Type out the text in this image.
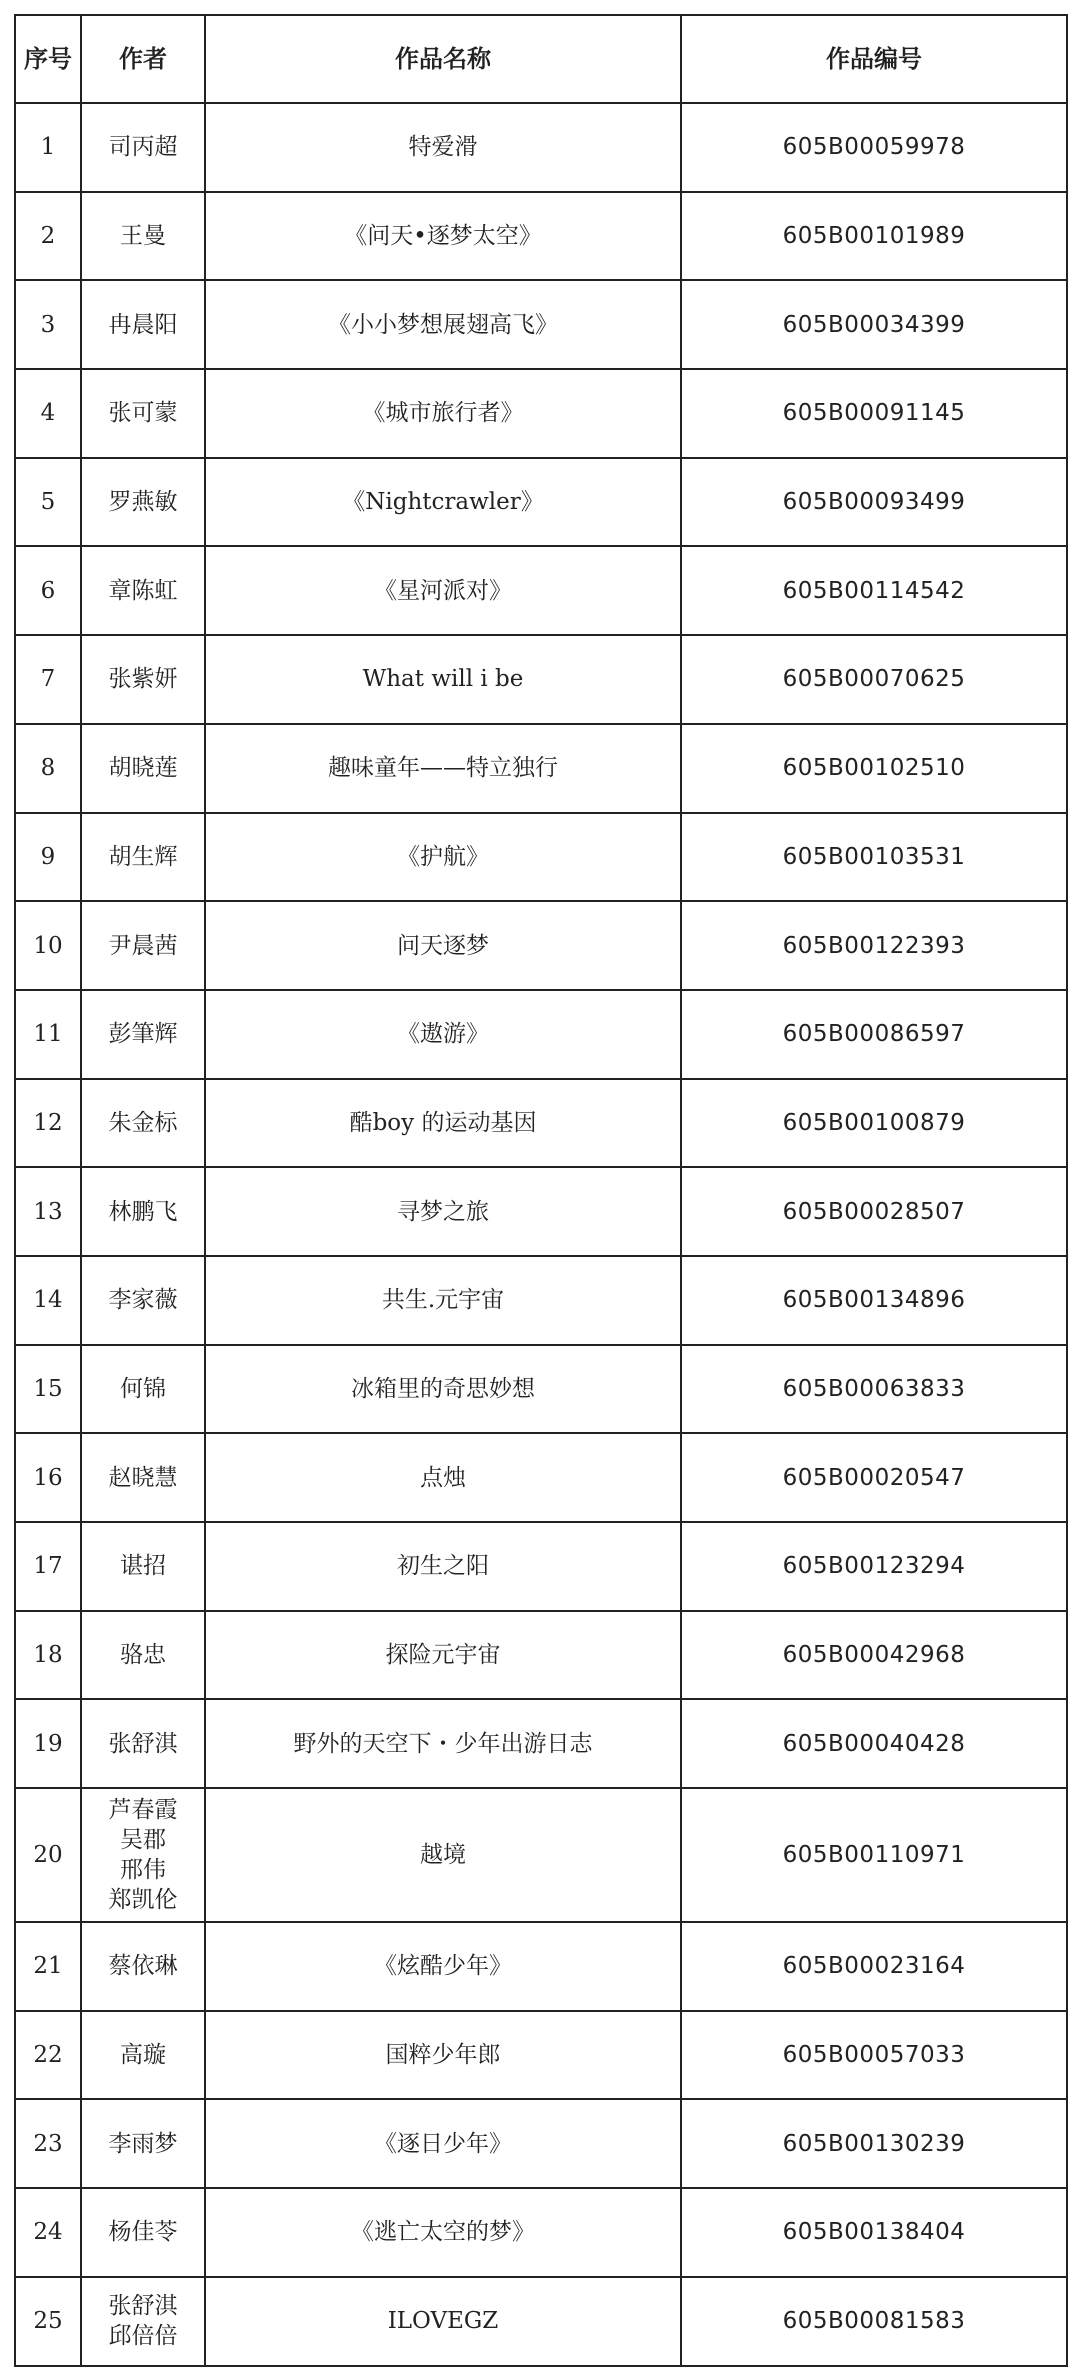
序号	作者	作品名称	作品编号
1	司丙超	特爱滑	605B00059978
2	王曼	《问天•逐梦太空》	605B00101989
3	冉晨阳	《小小梦想展翅高飞》	605B00034399
4	张可蒙	《城市旅行者》	605B00091145
5	罗燕敏	《Nightcrawler》	605B00093499
6	章陈虹	《星河派对》	605B00114542
7	张紫妍	What will i be	605B00070625
8	胡晓莲	趣味童年——特立独行	605B00102510
9	胡生辉	《护航》	605B00103531
10	尹晨茜	问天逐梦	605B00122393
11	彭筆辉	《遨游》	605B00086597
12	朱金标	酷boy 的运动基因	605B00100879
13	林鹏飞	寻梦之旅	605B00028507
14	李家薇	共生.元宇宙	605B00134896
15	何锦	冰箱里的奇思妙想	605B00063833
16	赵晓慧	点烛	605B00020547
17	谌招	初生之阳	605B00123294
18	骆忠	探险元宇宙	605B00042968
19	张舒淇	野外的天空下・少年出游日志	605B00040428
20	芦春霞
吴郡
邢伟
郑凯伦	越境	605B00110971
21	蔡依琳	《炫酷少年》	605B00023164
22	高璇	国粹少年郎	605B00057033
23	李雨梦	《逐日少年》	605B00130239
24	杨佳苓	《逃亡太空的梦》	605B00138404
25	张舒淇
邱倍倍	ILOVEGZ	605B00081583
